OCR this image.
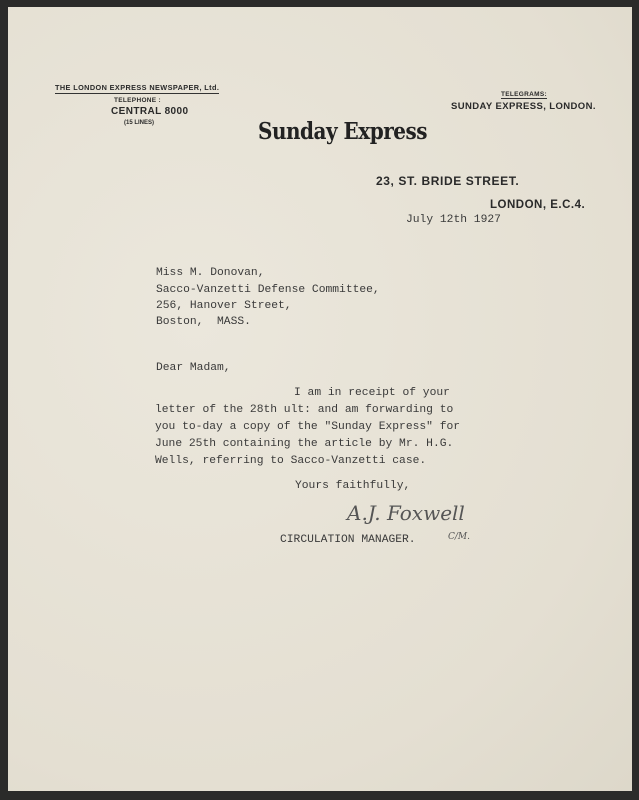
THE LONDON EXPRESS NEWSPAPER, Ltd.
TELEPHONE :
CENTRAL 8000
(15 LINES)
TELEGRAMS:
SUNDAY EXPRESS, LONDON.
Sunday Express
23, ST. BRIDE STREET.
LONDON, E.C.4.
July 12th 1927
Miss M. Donovan,
Sacco-Vanzetti Defense Committee,
256, Hanover Street,
Boston,  MASS.
Dear Madam,
I am in receipt of your
letter of the 28th ult: and am forwarding to
you to-day a copy of the "Sunday Express" for
June 25th containing the article by Mr. H.G.
Wells, referring to Sacco-Vanzetti case.
Yours faithfully,
A.J. Foxwell
C/M.
CIRCULATION MANAGER.
